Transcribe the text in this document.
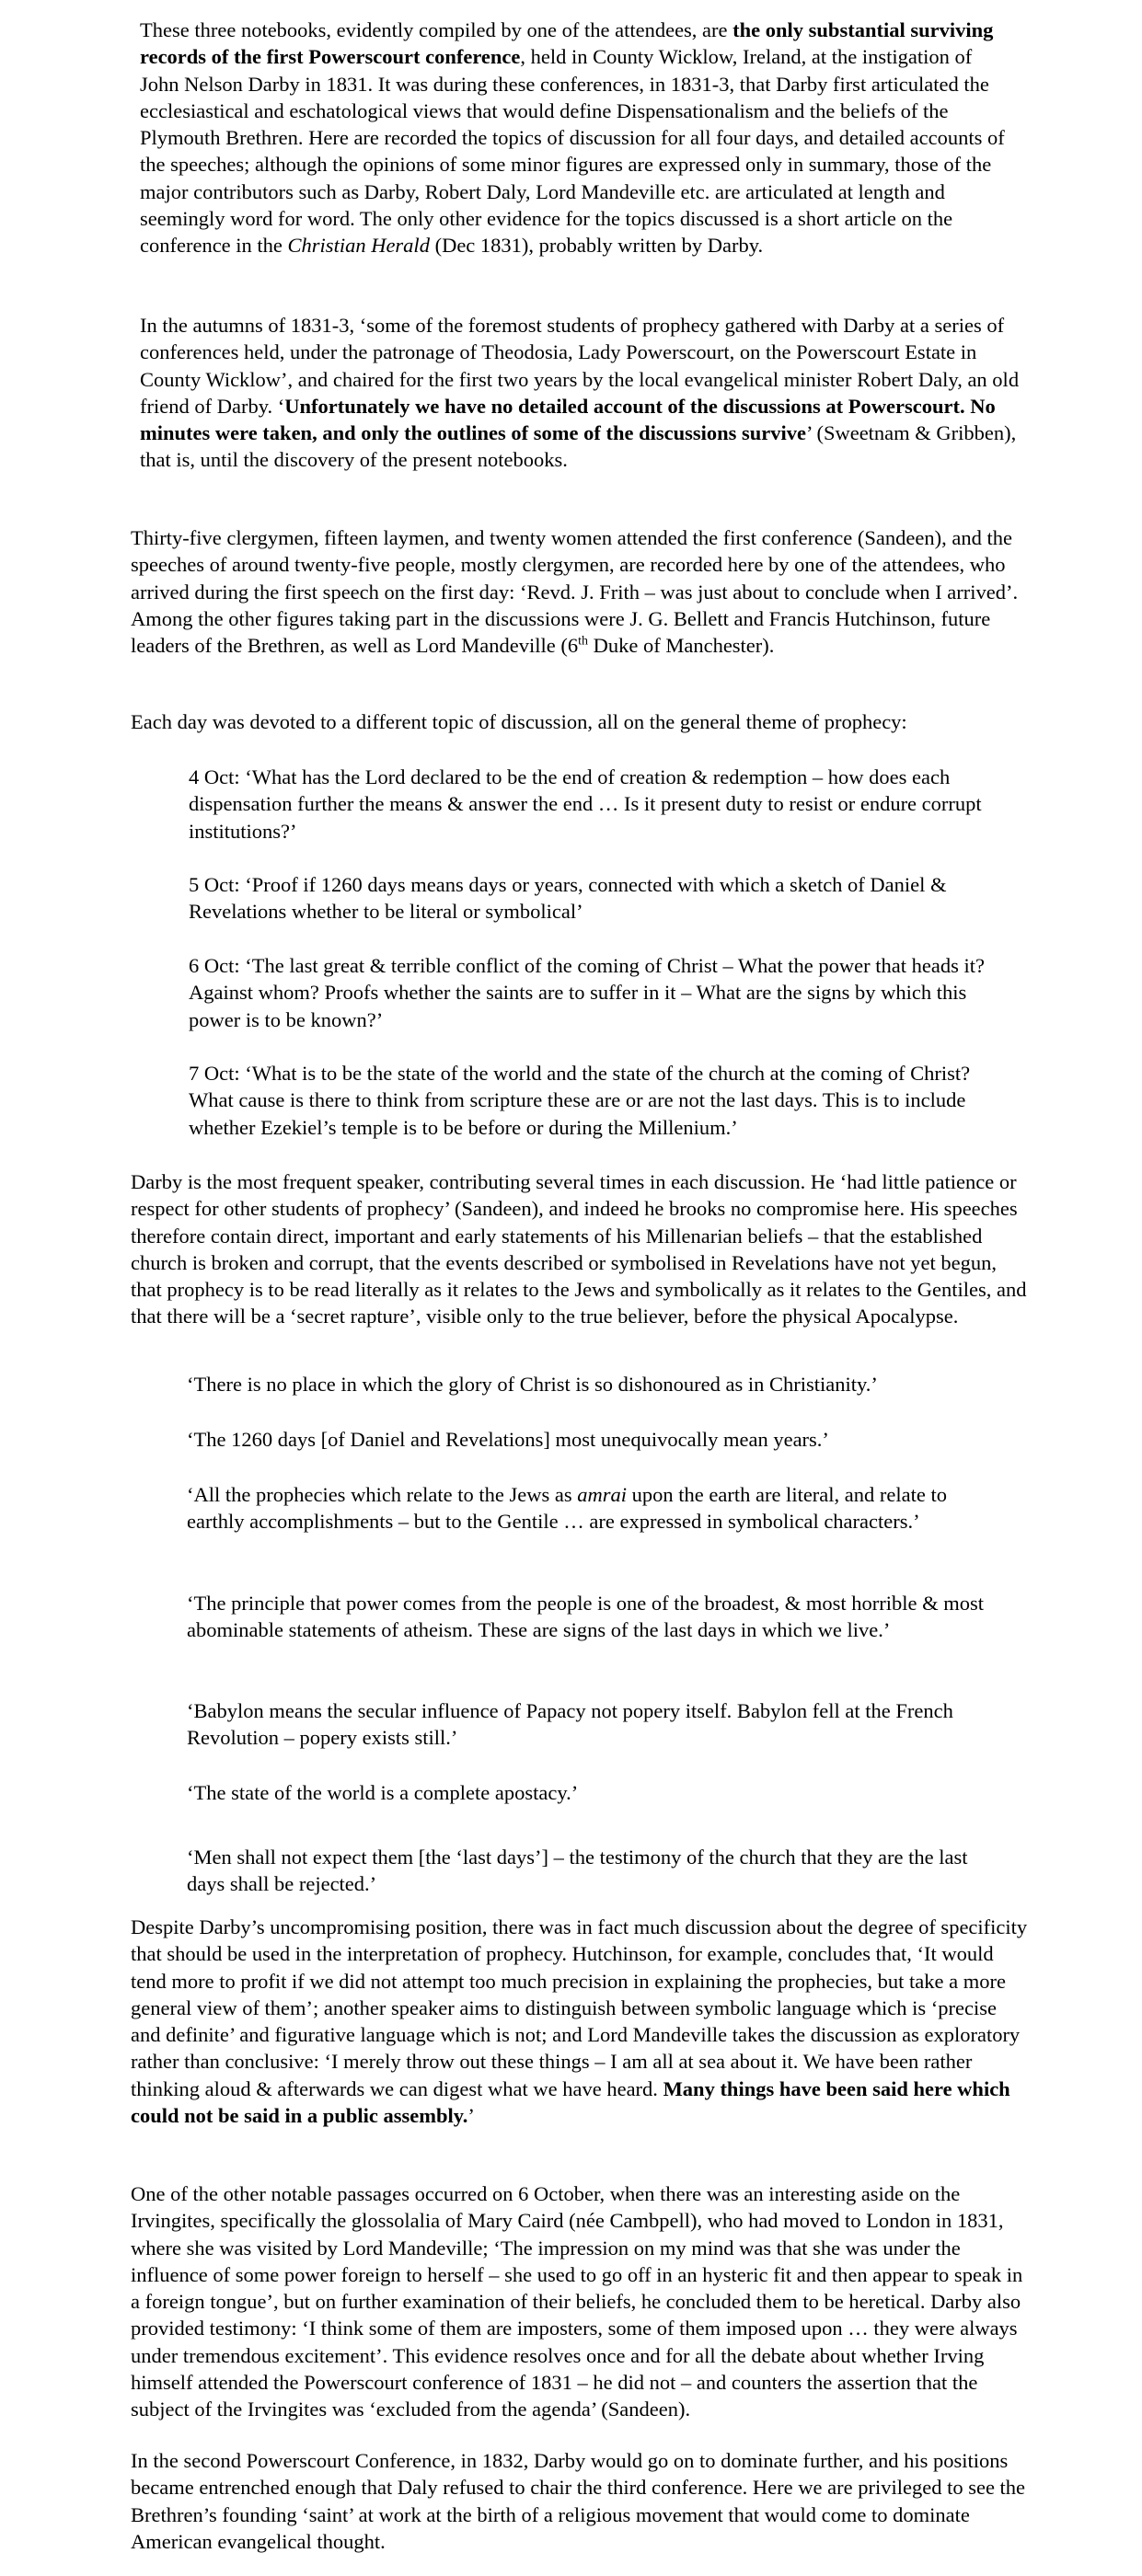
These three notebooks, evidently compiled by one of the attendees, are the only substantial surviving records of the first Powerscourt conference, held in County Wicklow, Ireland, at the instigation of John Nelson Darby in 1831. It was during these conferences, in 1831-3, that Darby first articulated the ecclesiastical and eschatological views that would define Dispensationalism and the beliefs of the Plymouth Brethren. Here are recorded the topics of discussion for all four days, and detailed accounts of the speeches; although the opinions of some minor figures are expressed only in summary, those of the major contributors such as Darby, Robert Daly, Lord Mandeville etc. are articulated at length and seemingly word for word. The only other evidence for the topics discussed is a short article on the conference in the Christian Herald (Dec 1831), probably written by Darby.

In the autumns of 1831-3, ‘some of the foremost students of prophecy gathered with Darby at a series of conferences held, under the patronage of Theodosia, Lady Powerscourt, on the Powerscourt Estate in County Wicklow’, and chaired for the first two years by the local evangelical minister Robert Daly, an old friend of Darby. ‘Unfortunately we have no detailed account of the discussions at Powerscourt. No minutes were taken, and only the outlines of some of the discussions survive’ (Sweetnam & Gribben), that is, until the discovery of the present notebooks.

Thirty-five clergymen, fifteen laymen, and twenty women attended the first conference (Sandeen), and the speeches of around twenty-five people, mostly clergymen, are recorded here by one of the attendees, who arrived during the first speech on the first day: ‘Revd. J. Frith – was just about to conclude when I arrived’. Among the other figures taking part in the discussions were J. G. Bellett and Francis Hutchinson, future leaders of the Brethren, as well as Lord Mandeville (6th Duke of Manchester).

Each day was devoted to a different topic of discussion, all on the general theme of prophecy:

4 Oct: ‘What has the Lord declared to be the end of creation & redemption – how does each dispensation further the means & answer the end … Is it present duty to resist or endure corrupt institutions?’

5 Oct: ‘Proof if 1260 days means days or years, connected with which a sketch of Daniel & Revelations whether to be literal or symbolical’

6 Oct: ‘The last great & terrible conflict of the coming of Christ – What the power that heads it? Against whom? Proofs whether the saints are to suffer in it – What are the signs by which this power is to be known?’

7 Oct: ‘What is to be the state of the world and the state of the church at the coming of Christ? What cause is there to think from scripture these are or are not the last days. This is to include whether Ezekiel’s temple is to be before or during the Millenium.’

Darby is the most frequent speaker, contributing several times in each discussion. He ‘had little patience or respect for other students of prophecy’ (Sandeen), and indeed he brooks no compromise here. His speeches therefore contain direct, important and early statements of his Millenarian beliefs – that the established church is broken and corrupt, that the events described or symbolised in Revelations have not yet begun, that prophecy is to be read literally as it relates to the Jews and symbolically as it relates to the Gentiles, and that there will be a ‘secret rapture’, visible only to the true believer, before the physical Apocalypse.

‘There is no place in which the glory of Christ is so dishonoured as in Christianity.’

‘The 1260 days [of Daniel and Revelations] most unequivocally mean years.’

‘All the prophecies which relate to the Jews as amrai upon the earth are literal, and relate to earthly accomplishments – but to the Gentile … are expressed in symbolical characters.’

‘The principle that power comes from the people is one of the broadest, & most horrible & most abominable statements of atheism. These are signs of the last days in which we live.’

‘Babylon means the secular influence of Papacy not popery itself. Babylon fell at the French Revolution – popery exists still.’

‘The state of the world is a complete apostacy.’

‘Men shall not expect them [the ‘last days’] – the testimony of the church that they are the last days shall be rejected.’

Despite Darby’s uncompromising position, there was in fact much discussion about the degree of specificity that should be used in the interpretation of prophecy. Hutchinson, for example, concludes that, ‘It would tend more to profit if we did not attempt too much precision in explaining the prophecies, but take a more general view of them’; another speaker aims to distinguish between symbolic language which is ‘precise and definite’ and figurative language which is not; and Lord Mandeville takes the discussion as exploratory rather than conclusive: ‘I merely throw out these things – I am all at sea about it. We have been rather thinking aloud & afterwards we can digest what we have heard. Many things have been said here which could not be said in a public assembly.’

One of the other notable passages occurred on 6 October, when there was an interesting aside on the Irvingites, specifically the glossolalia of Mary Caird (née Cambpell), who had moved to London in 1831, where she was visited by Lord Mandeville; ‘The impression on my mind was that she was under the influence of some power foreign to herself – she used to go off in an hysteric fit and then appear to speak in a foreign tongue’, but on further examination of their beliefs, he concluded them to be heretical. Darby also provided testimony: ‘I think some of them are imposters, some of them imposed upon … they were always under tremendous excitement’. This evidence resolves once and for all the debate about whether Irving himself attended the Powerscourt conference of 1831 – he did not – and counters the assertion that the subject of the Irvingites was ‘excluded from the agenda’ (Sandeen).

In the second Powerscourt Conference, in 1832, Darby would go on to dominate further, and his positions became entrenched enough that Daly refused to chair the third conference. Here we are privileged to see the Brethren’s founding ‘saint’ at work at the birth of a religious movement that would come to dominate American evangelical thought.
